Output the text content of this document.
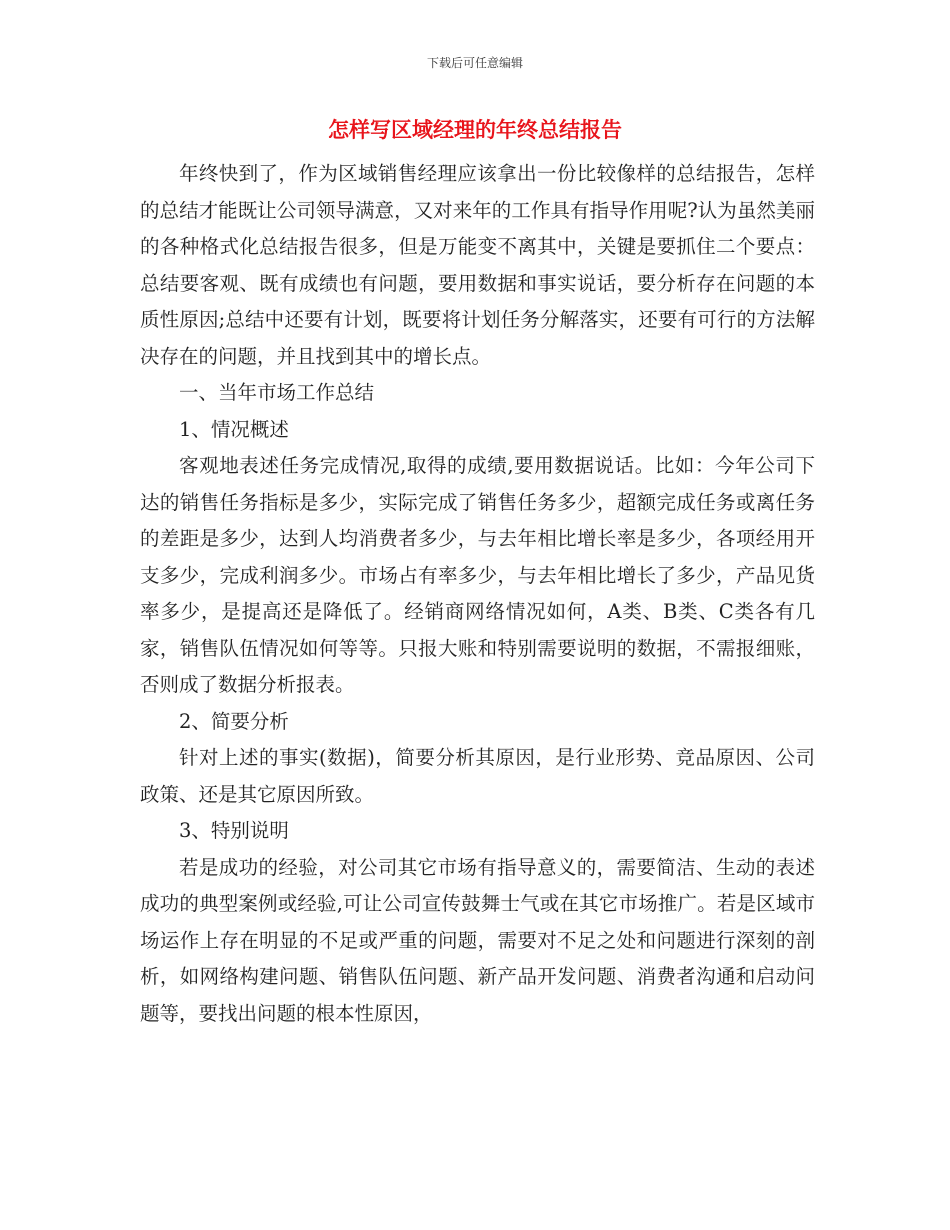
下载后可任意编辑
怎样写区域经理的年终总结报告

年终快到了，作为区域销售经理应该拿出一份比较像样的总结报告，怎样的总结才能既让公司领导满意，又对来年的工作具有指导作用呢?认为虽然美丽的各种格式化总结报告很多，但是万能变不离其中，关键是要抓住二个要点：总结要客观、既有成绩也有问题，要用数据和事实说话，要分析存在问题的本质性原因;总结中还要有计划，既要将计划任务分解落实，还要有可行的方法解决存在的问题，并且找到其中的增长点。

一、当年市场工作总结

1、情况概述

客观地表述任务完成情况,取得的成绩,要用数据说话。比如：今年公司下达的销售任务指标是多少，实际完成了销售任务多少，超额完成任务或离任务的差距是多少，达到人均消费者多少，与去年相比增长率是多少，各项经用开支多少，完成利润多少。市场占有率多少，与去年相比增长了多少，产品见货率多少，是提高还是降低了。经销商网络情况如何，A类、B类、C类各有几家，销售队伍情况如何等等。只报大账和特别需要说明的数据，不需报细账，否则成了数据分析报表。

2、简要分析

针对上述的事实(数据)，简要分析其原因，是行业形势、竞品原因、公司政策、还是其它原因所致。

3、特别说明

若是成功的经验，对公司其它市场有指导意义的，需要简洁、生动的表述成功的典型案例或经验,可让公司宣传鼓舞士气或在其它市场推广。若是区域市场运作上存在明显的不足或严重的问题，需要对不足之处和问题进行深刻的剖析，如网络构建问题、销售队伍问题、新产品开发问题、消费者沟通和启动问题等，要找出问题的根本性原因，
